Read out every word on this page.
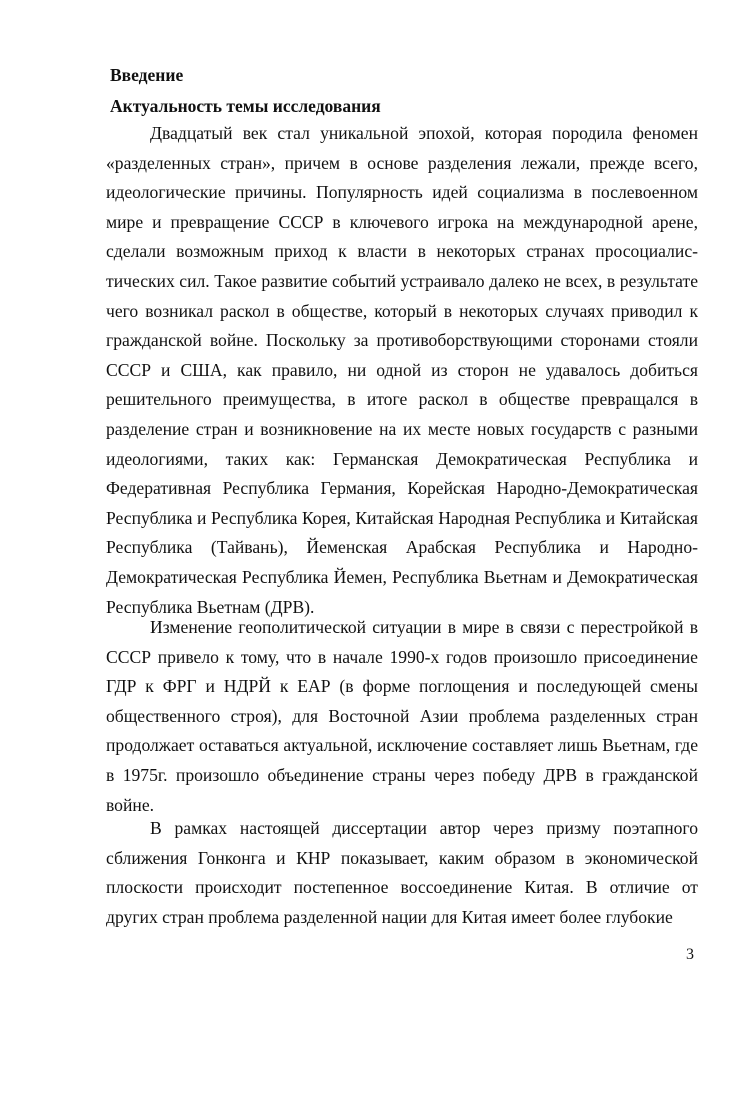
Введение
Актуальность темы исследования

Двадцатый век стал уникальной эпохой, которая породила феномен «разделенных стран», причем в основе разделения лежали, прежде всего, идеологические причины. Популярность идей социализма в послевоенном мире и превращение СССР в ключевого игрока на международной арене, сделали возможным приход к власти в некоторых странах просоциалис-тических сил. Такое развитие событий устраивало далеко не всех, в результате чего возникал раскол в обществе, который в некоторых случаях приводил к гражданской войне. Поскольку за противоборствующими сторонами стояли СССР и США, как правило, ни одной из сторон не удавалось добиться решительного преимущества, в итоге раскол в обществе превращался в разделение стран и возникновение на их месте новых государств с разными идеологиями, таких как: Германская Демократическая Республика и Федеративная Республика Германия, Корейская Народно-Демократическая Республика и Республика Корея, Китайская Народная Республика и Китайская Республика (Тайвань), Йеменская Арабская Республика и Народно-Демократическая Республика Йемен, Республика Вьетнам и Демократическая Республика Вьетнам (ДРВ).

Изменение геополитической ситуации в мире в связи с перестройкой в СССР привело к тому, что в начале 1990-х годов произошло присоединение ГДР к ФРГ и НДРЙ к ЕАР (в форме поглощения и последующей смены общественного строя), для Восточной Азии проблема разделенных стран продолжает оставаться актуальной, исключение составляет лишь Вьетнам, где в 1975г. произошло объединение страны через победу ДРВ в гражданской войне.

В рамках настоящей диссертации автор через призму поэтапного сближения Гонконга и КНР показывает, каким образом в экономической плоскости происходит постепенное воссоединение Китая. В отличие от других стран проблема разделенной нации для Китая имеет более глубокие

3
